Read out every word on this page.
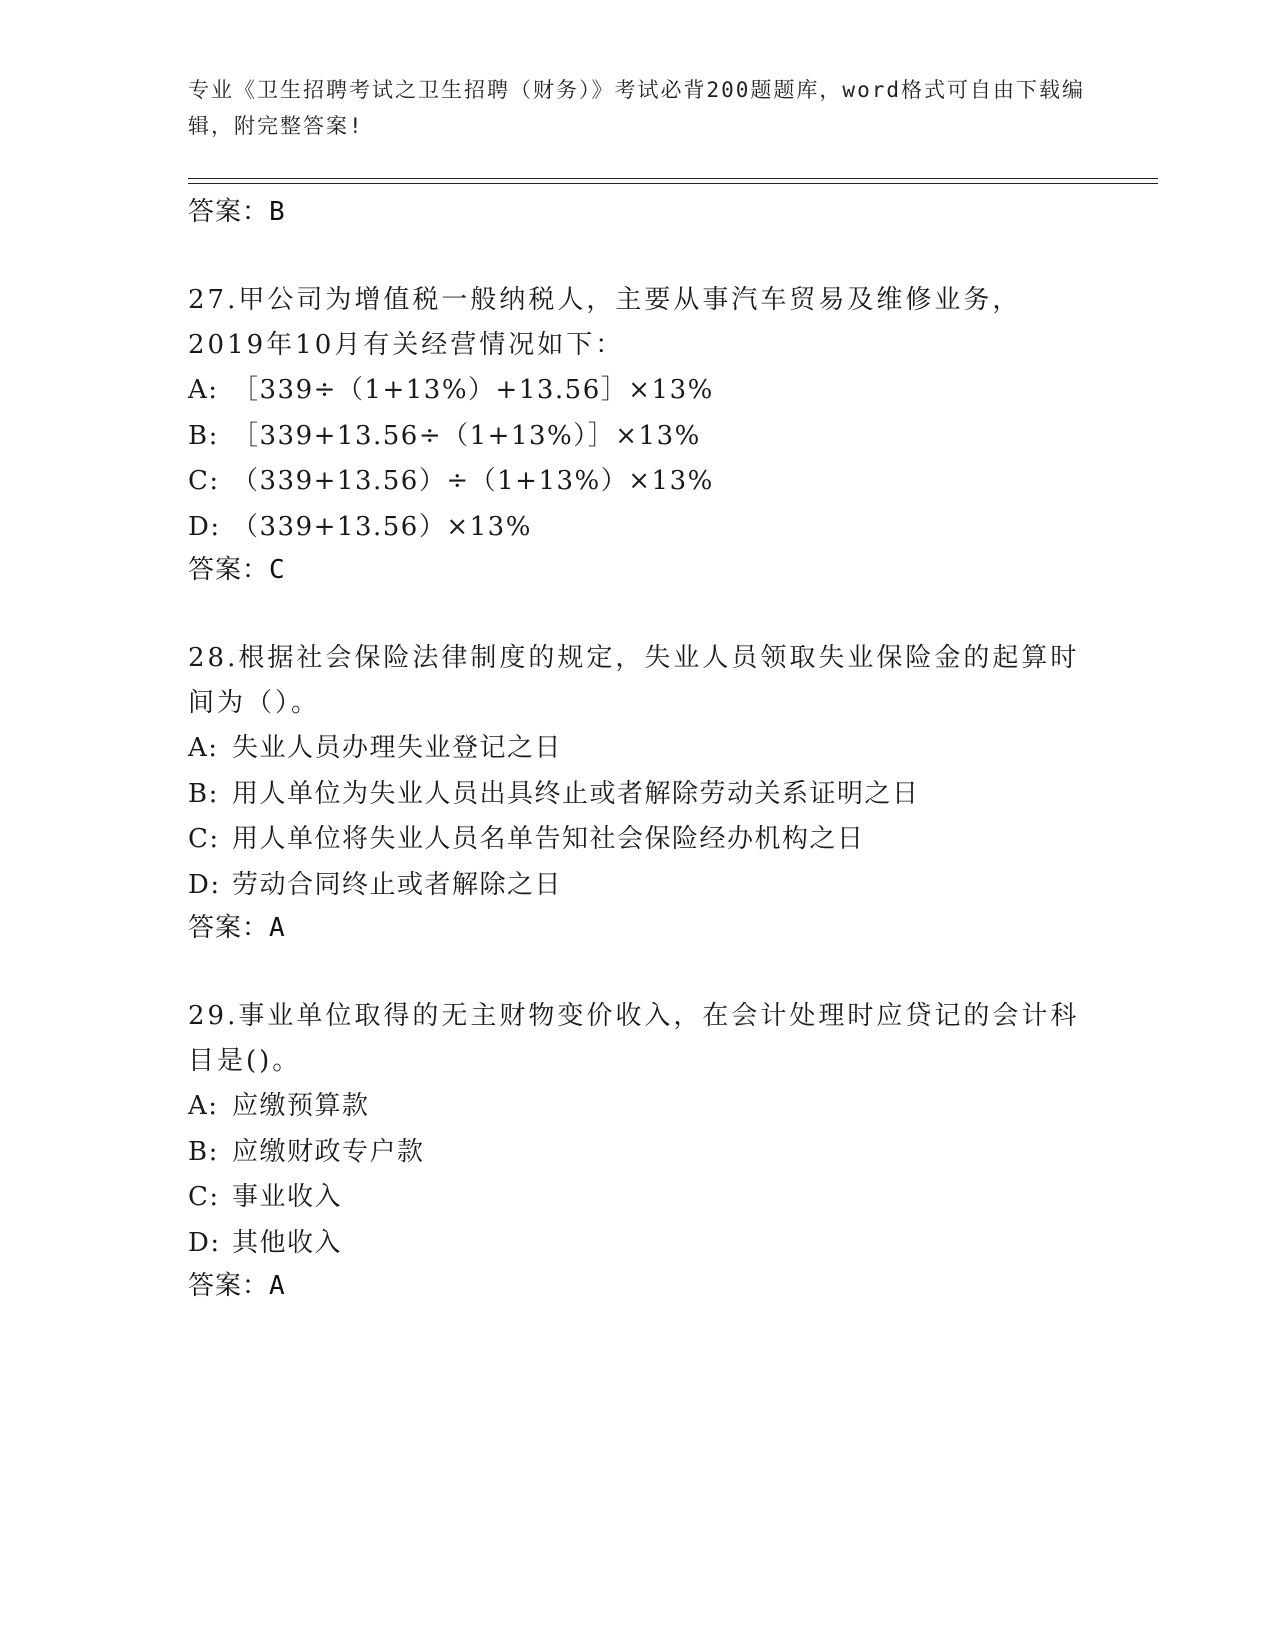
专业《卫生招聘考试之卫生招聘（财务）》考试必背200题题库，word格式可自由下载编辑，附完整答案!
答案：B
27.甲公司为增值税一般纳税人，主要从事汽车贸易及维修业务，2019年10月有关经营情况如下：
A: ［339÷（1+13%）+13.56］×13%
B: ［339+13.56÷（1+13%）］×13%
C: （339+13.56）÷（1+13%）×13%
D: （339+13.56）×13%
答案：C
28.根据社会保险法律制度的规定，失业人员领取失业保险金的起算时间为（）。
A: 失业人员办理失业登记之日
B: 用人单位为失业人员出具终止或者解除劳动关系证明之日
C: 用人单位将失业人员名单告知社会保险经办机构之日
D: 劳动合同终止或者解除之日
答案：A
29.事业单位取得的无主财物变价收入，在会计处理时应贷记的会计科目是()。
A: 应缴预算款
B: 应缴财政专户款
C: 事业收入
D: 其他收入
答案：A
